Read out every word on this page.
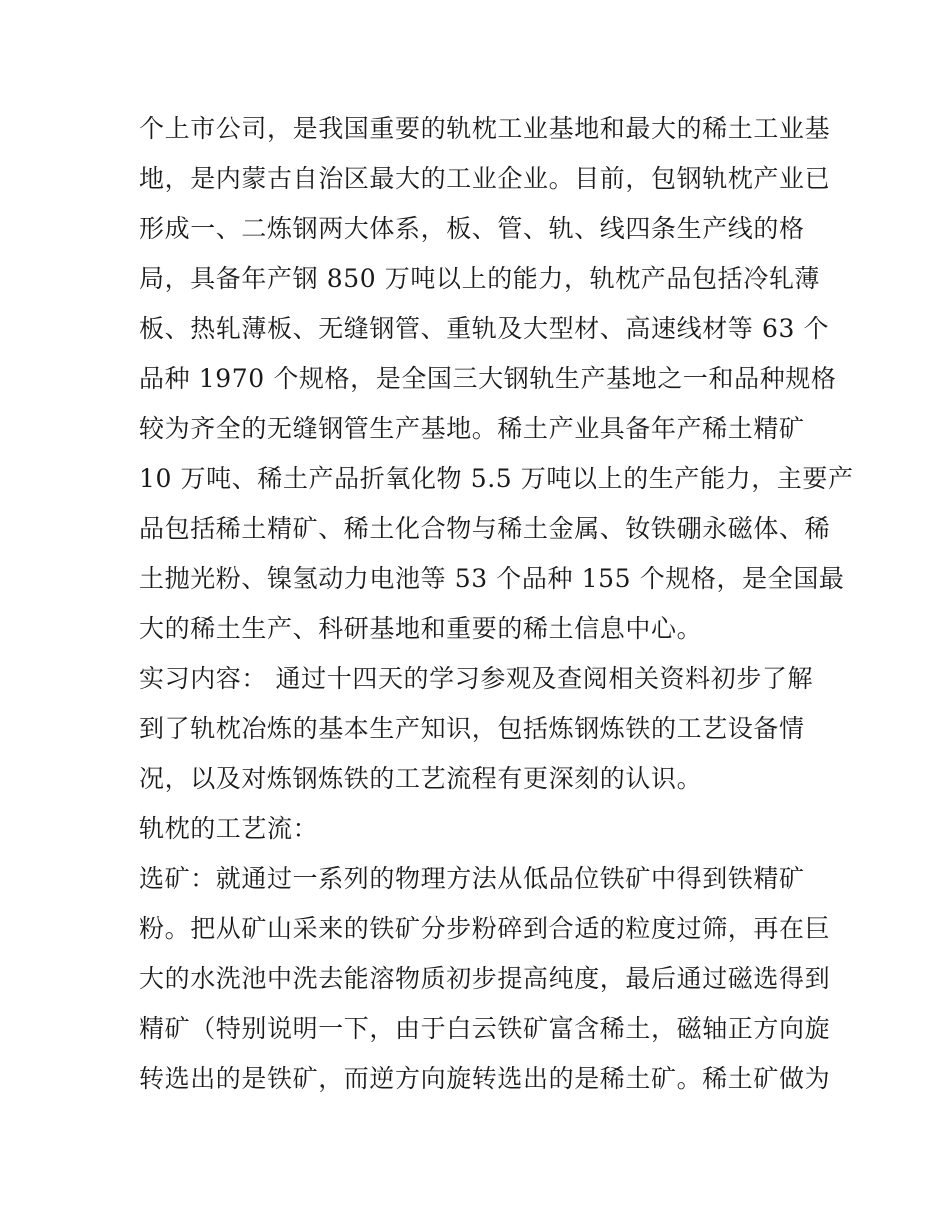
个上市公司，是我国重要的轨枕工业基地和最大的稀土工业基
地，是内蒙古自治区最大的工业企业。目前，包钢轨枕产业已
形成一、二炼钢两大体系，板、管、轨、线四条生产线的格
局，具备年产钢 850 万吨以上的能力，轨枕产品包括冷轧薄
板、热轧薄板、无缝钢管、重轨及大型材、高速线材等 63 个
品种 1970 个规格，是全国三大钢轨生产基地之一和品种规格
较为齐全的无缝钢管生产基地。稀土产业具备年产稀土精矿
10 万吨、稀土产品折氧化物 5.5 万吨以上的生产能力，主要产
品包括稀土精矿、稀土化合物与稀土金属、钕铁硼永磁体、稀
土抛光粉、镍氢动力电池等 53 个品种 155 个规格，是全国最
大的稀土生产、科研基地和重要的稀土信息中心。
实习内容： 通过十四天的学习参观及查阅相关资料初步了解
到了轨枕冶炼的基本生产知识，包括炼钢炼铁的工艺设备情
况，以及对炼钢炼铁的工艺流程有更深刻的认识。
轨枕的工艺流：
选矿：就通过一系列的物理方法从低品位铁矿中得到铁精矿
粉。把从矿山采来的铁矿分步粉碎到合适的粒度过筛，再在巨
大的水洗池中洗去能溶物质初步提高纯度，最后通过磁选得到
精矿（特别说明一下，由于白云铁矿富含稀土，磁轴正方向旋
转选出的是铁矿，而逆方向旋转选出的是稀土矿。稀土矿做为
